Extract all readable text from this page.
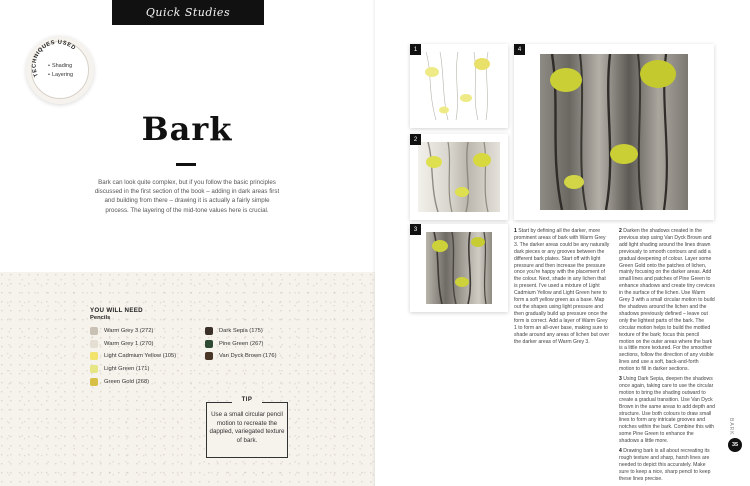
Quick Studies
TECHNIQUES USED
• Shading
• Layering
Bark

Bark can look quite complex, but if you follow the basic principles discussed in the first section of the book – adding in dark areas first and building from there – drawing it is actually a fairly simple process. The layering of the mid-tone values here is crucial.

YOU WILL NEED
Pencils
Warm Grey 3 (272)
Warm Grey 1 (270)
Light Cadmium Yellow (105)
Light Green (171)
Green Gold (268)
Dark Sepia (175)
Pine Green (267)
Van Dyck Brown (176)
TIP

Use a small circular pencil motion to recreate the dappled, variegated texture of bark.

1
2
3
4

1 Start by defining all the darker, more prominent areas of bark with Warm Grey 3. The darker areas could be any naturally dark pieces or any grooves between the different bark plates. Start off with light pressure and then increase the pressure once you're happy with the placement of the colour. Next, shade in any lichen that is present. I've used a mixture of Light Cadmium Yellow and Light Green here to form a soft yellow green as a base. Map out the shapes using light pressure and then gradually build up pressure once the form is correct. Add a layer of Warm Grey 1 to form an all-over base, making sure to shade around any areas of lichen but over the darker areas of Warm Grey 3.

2 Darken the shadows created in the previous step using Van Dyck Brown and add light shading around the lines drawn previously to smooth contours and add a gradual deepening of colour. Layer some Green Gold onto the patches of lichen, mainly focusing on the darker areas. Add small lines and patches of Pine Green to enhance shadows and create tiny crevices in the surface of the lichen. Use Warm Grey 3 with a small circular motion to build the shadows around the lichen and the shadows previously defined – leave out only the lightest parts of the bark. The circular motion helps to build the mottled texture of the bark; focus this pencil motion on the outer areas where the bark is a little more textured. For the smoother sections, follow the direction of any visible lines and use a soft, back-and-forth motion to fill in darker sections.

3 Using Dark Sepia, deepen the shadows once again, taking care to use the circular motion to bring the shading outward to create a gradual transition. Use Van Dyck Brown in the same areas to add depth and structure. Use both colours to draw small lines to form any intricate grooves and notches within the bark. Combine this with some Pine Green to enhance the shadows a little more.

4 Drawing bark is all about recreating its rough texture and sharp, harsh lines are needed to depict this accurately. Make sure to keep a nice, sharp pencil to keep these lines precise.

BARK
35
